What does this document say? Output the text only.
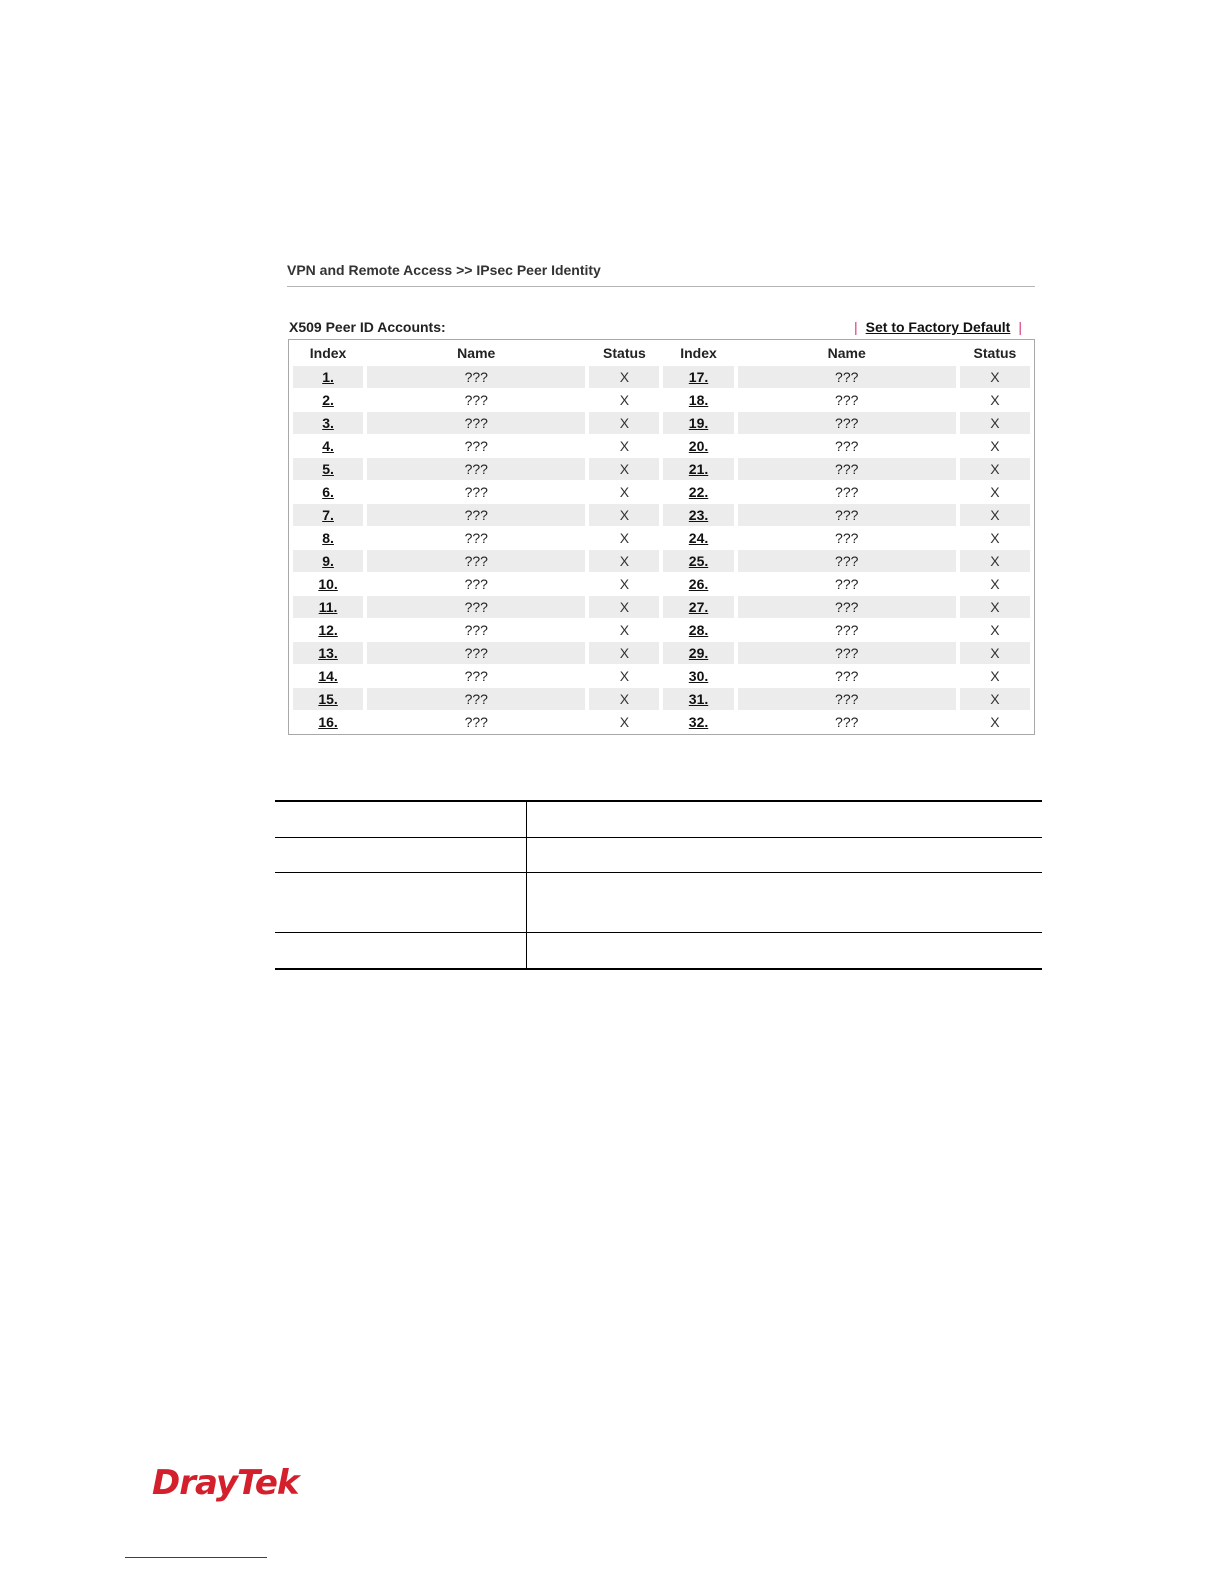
VPN and Remote Access >> IPsec Peer Identity
X509 Peer ID Accounts:	| Set to Factory Default |
Index	Name	Status	Index	Name	Status
1.	???	X	17.	???	X
2.	???	X	18.	???	X
3.	???	X	19.	???	X
4.	???	X	20.	???	X
5.	???	X	21.	???	X
6.	???	X	22.	???	X
7.	???	X	23.	???	X
8.	???	X	24.	???	X
9.	???	X	25.	???	X
10.	???	X	26.	???	X
11.	???	X	27.	???	X
12.	???	X	28.	???	X
13.	???	X	29.	???	X
14.	???	X	30.	???	X
15.	???	X	31.	???	X
16.	???	X	32.	???	X

DrayTek
